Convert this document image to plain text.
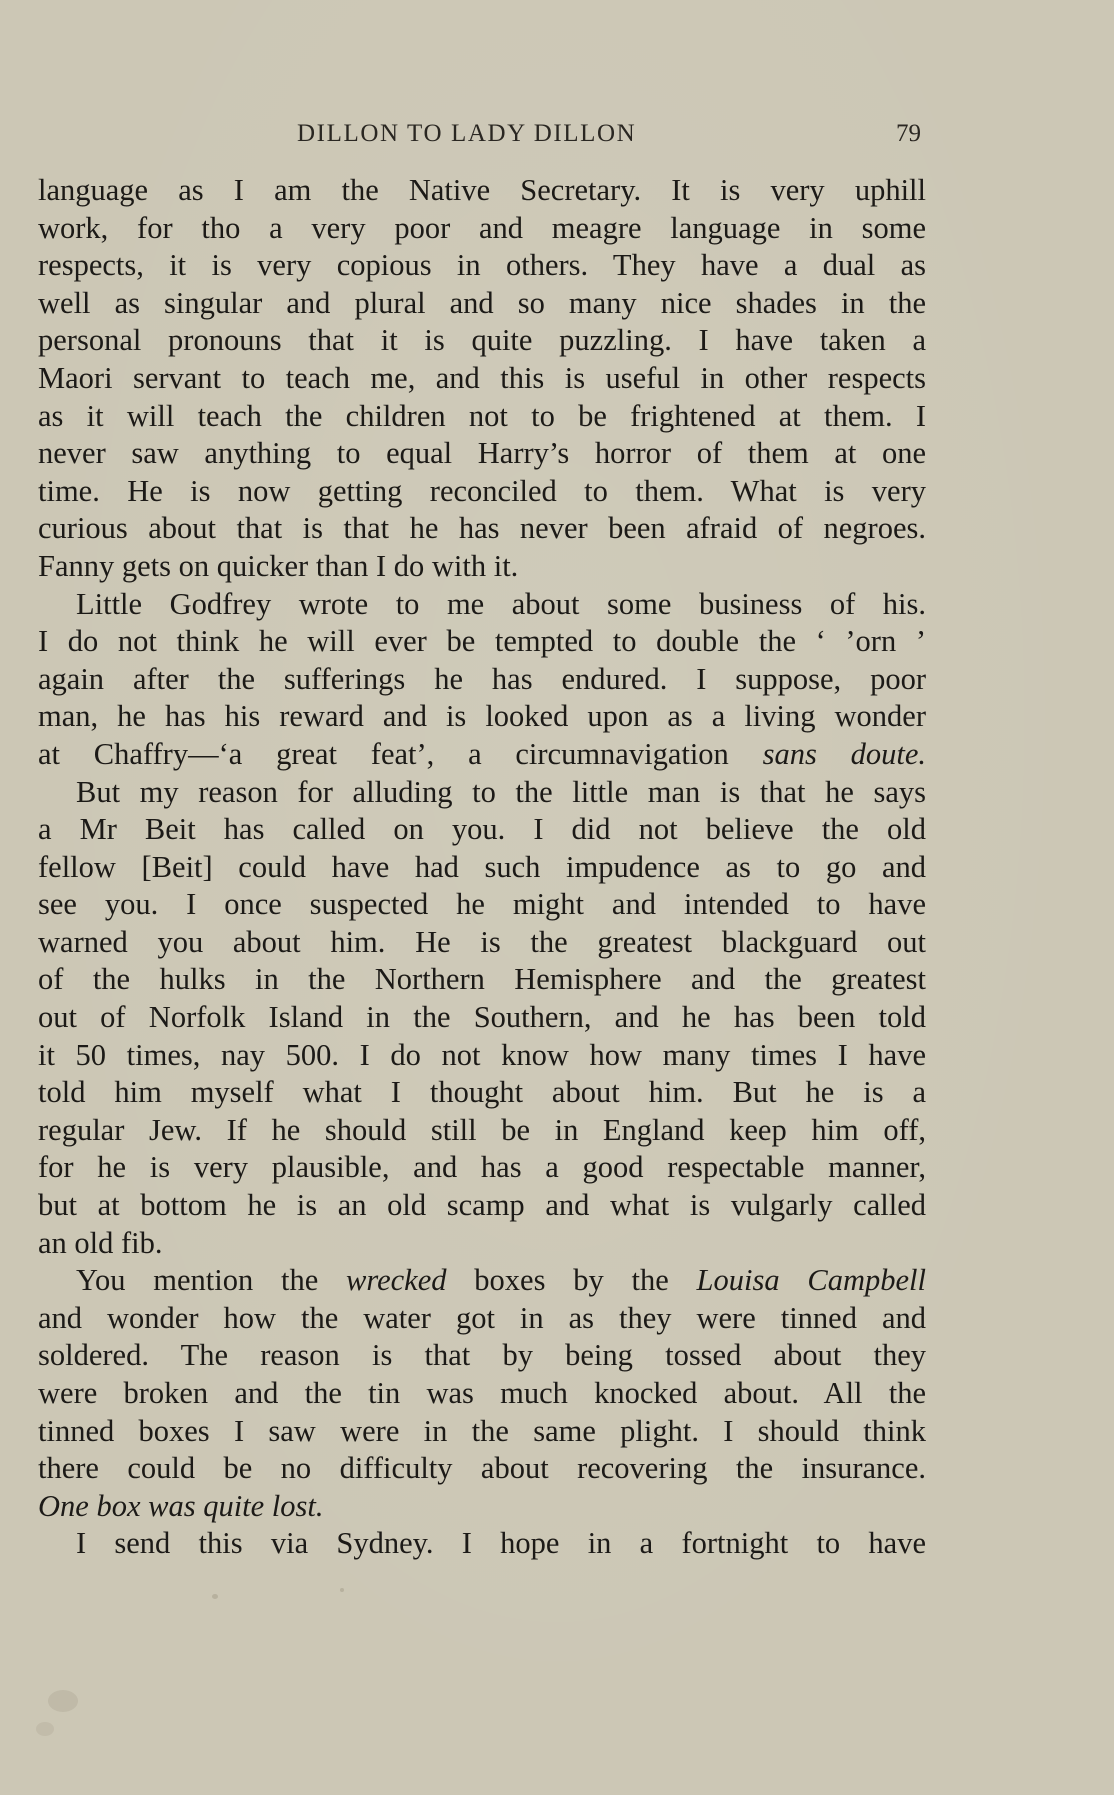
DILLON TO LADY DILLON	79
language as I am the Native Secretary. It is very uphill
work, for tho a very poor and meagre language in some
respects, it is very copious in others. They have a dual as
well as singular and plural and so many nice shades in the
personal pronouns that it is quite puzzling. I have taken a
Maori servant to teach me, and this is useful in other respects
as it will teach the children not to be frightened at them. I
never saw anything to equal Harry’s horror of them at one
time. He is now getting reconciled to them. What is very
curious about that is that he has never been afraid of negroes.
Fanny gets on quicker than I do with it.
Little Godfrey wrote to me about some business of his.
I do not think he will ever be tempted to double the ‘ ’orn ’
again after the sufferings he has endured. I suppose, poor
man, he has his reward and is looked upon as a living wonder
at Chaffry—‘a great feat’, a circumnavigation sans doute.
But my reason for alluding to the little man is that he says
a Mr Beit has called on you. I did not believe the old
fellow [Beit] could have had such impudence as to go and
see you. I once suspected he might and intended to have
warned you about him. He is the greatest blackguard out
of the hulks in the Northern Hemisphere and the greatest
out of Norfolk Island in the Southern, and he has been told
it 50 times, nay 500. I do not know how many times I have
told him myself what I thought about him. But he is a
regular Jew. If he should still be in England keep him off,
for he is very plausible, and has a good respectable manner,
but at bottom he is an old scamp and what is vulgarly called
an old fib.
You mention the wrecked boxes by the Louisa Campbell
and wonder how the water got in as they were tinned and
soldered. The reason is that by being tossed about they
were broken and the tin was much knocked about. All the
tinned boxes I saw were in the same plight. I should think
there could be no difficulty about recovering the insurance.
One box was quite lost.
I send this via Sydney. I hope in a fortnight to have
